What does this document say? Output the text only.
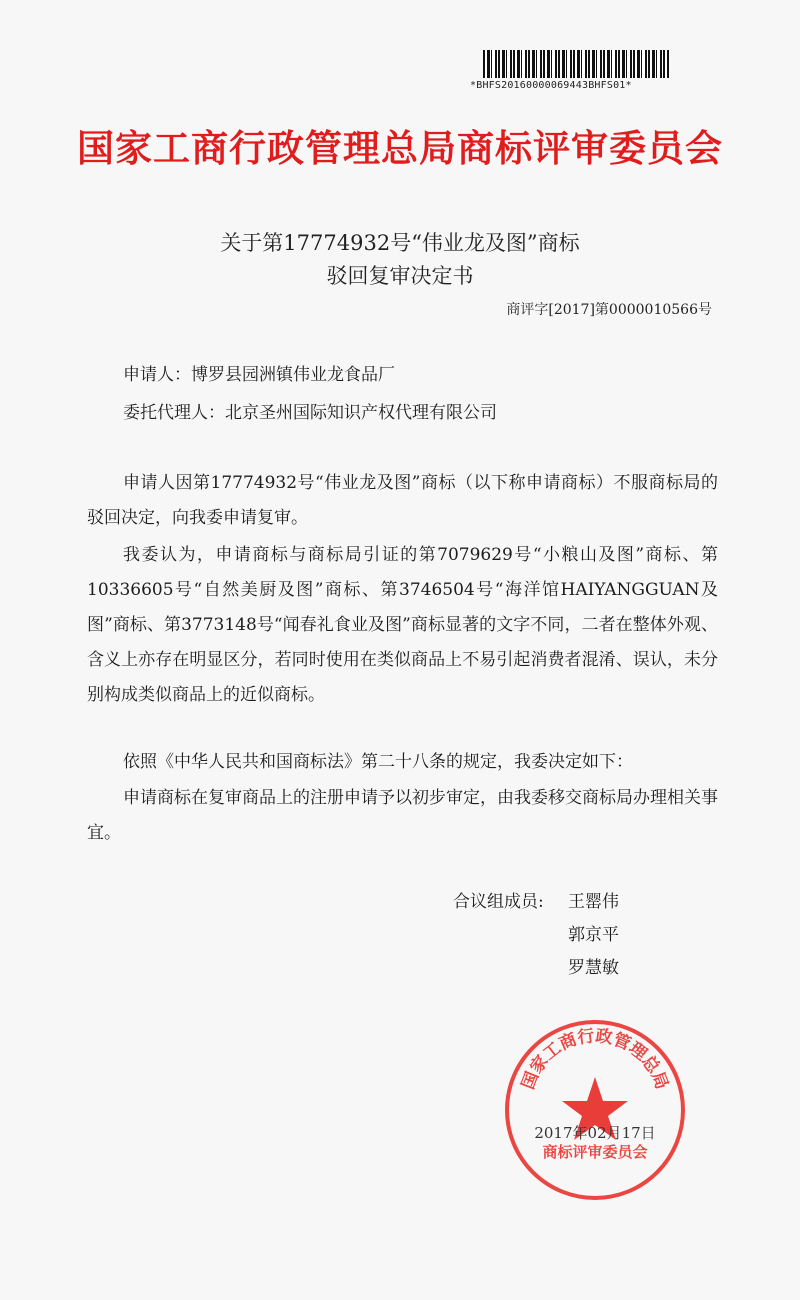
*BHFS20160000069443BHFS01*
国家工商行政管理总局商标评审委员会
关于第17774932号“伟业龙及图”商标
驳回复审决定书
商评字[2017]第0000010566号
申请人：博罗县园洲镇伟业龙食品厂
委托代理人：北京圣州国际知识产权代理有限公司
申请人因第17774932号“伟业龙及图”商标（以下称申请商标）不服商标局的驳回决定，向我委申请复审。
我委认为，申请商标与商标局引证的第7079629号“小粮山及图”商标、第10336605号“自然美厨及图”商标、第3746504号“海洋馆HAIYANGGUAN及图”商标、第3773148号“闻春礼食业及图”商标显著的文字不同，二者在整体外观、含义上亦存在明显区分，若同时使用在类似商品上不易引起消费者混淆、误认，未分别构成类似商品上的近似商标。
依照《中华人民共和国商标法》第二十八条的规定，我委决定如下：
申请商标在复审商品上的注册申请予以初步审定，由我委移交商标局办理相关事宜。
合议组成员: 王罂伟
郭京平
罗慧敏
国家工商行政管理总局
商标评审委员会
2017年02月17日
